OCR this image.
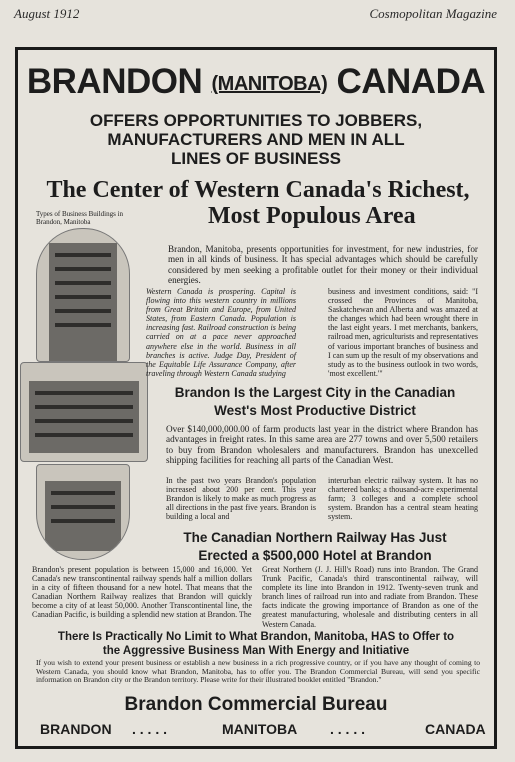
August 1912	Cosmopolitan Magazine
BRANDON (MANITOBA) CANADA
OFFERS OPPORTUNITIES TO JOBBERS,
MANUFACTURERS AND MEN IN ALL
LINES OF BUSINESS
The Center of Western Canada's Richest,
Most Populous Area
Types of Business Buildings in Brandon, Manitoba
Brandon, Manitoba, presents opportunities for investment, for new industries, for men in all kinds of business. It has special advantages which should be carefully considered by men seeking a profitable outlet for their money or their individual energies.
Western Canada is prospering. Capital is flowing into this western country in millions from Great Britain and Europe, from United States, from Eastern Canada. Population is increasing fast. Railroad construction is being carried on at a pace never approached anywhere else in the world. Business in all branches is active. Judge Day, President of the Equitable Life Assurance Company, after traveling through Western Canada studying
business and investment conditions, said: "I crossed the Provinces of Manitoba, Saskatchewan and Alberta and was amazed at the changes which had been wrought there in the last eight years. I met merchants, bankers, railroad men, agriculturists and representatives of various important branches of business and I can sum up the result of my observations and study as to the business outlook in two words, 'most excellent.'"
Brandon Is the Largest City in the Canadian
West's Most Productive District
Over $140,000,000.00 of farm products last year in the district where Brandon has advantages in freight rates. In this same area are 277 towns and over 5,500 retailers to buy from Brandon wholesalers and manufacturers. Brandon has unexcelled shipping facilities for reaching all parts of the Canadian West.
In the past two years Brandon's population increased about 200 per cent. This year Brandon is likely to make as much progress as all directions in the past five years. Brandon is building a local and
interurban electric railway system. It has no chartered banks; a thousand-acre experimental farm; 3 colleges and a complete school system. Brandon has a central steam heating system.
The Canadian Northern Railway Has Just
Erected a $500,000 Hotel at Brandon
Brandon's present population is between 15,000 and 16,000. Yet Canada's new transcontinental railway spends half a million dollars in a city of fifteen thousand for a new hotel. That means that the Canadian Northern Railway realizes that Brandon will quickly become a city of at least 50,000. Another Transcontinental line, the Canadian Pacific, is building a splendid new station at Brandon. The
Great Northern (J. J. Hill's Road) runs into Brandon. The Grand Trunk Pacific, Canada's third transcontinental railway, will complete its line into Brandon in 1912. Twenty-seven trunk and branch lines of railroad run into and radiate from Brandon. These facts indicate the growing importance of Brandon as one of the greatest manufacturing, wholesale and distributing centers in all Western Canada.
There Is Practically No Limit to What Brandon, Manitoba, HAS to Offer to
the Aggressive Business Man With Energy and Initiative
If you wish to extend your present business or establish a new business in a rich progressive country, or if you have any thought of coming to Western Canada, you should know what Brandon, Manitoba, has to offer you. The Brandon Commercial Bureau, will send you specific information on Brandon city or the Brandon territory. Please write for their illustrated booklet entitled "Brandon."
Brandon Commercial Bureau
BRANDON . . . . .	MANITOBA . . . . .	CANADA
